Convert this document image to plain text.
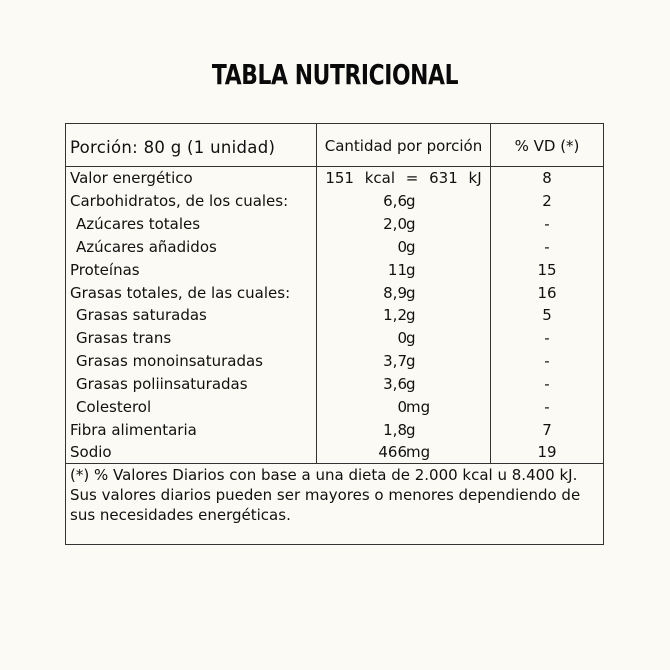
TABLA NUTRICIONAL
Porción: 80 g (1 unidad)	Cantidad por porción	% VD (*)
Valor energético	151 kcal = 631 kJ	8
Carbohidratos, de los cuales:	6,6 g	2
Azúcares totales	2,0 g	-
Azúcares añadidos	0 g	-
Proteínas	11 g	15
Grasas totales, de las cuales:	8,9 g	16
Grasas saturadas	1,2 g	5
Grasas trans	0 g	-
Grasas monoinsaturadas	3,7 g	-
Grasas poliinsaturadas	3,6 g	-
Colesterol	0 mg	-
Fibra alimentaria	1,8 g	7
Sodio	466 mg	19
(*) % Valores Diarios con base a una dieta de 2.000 kcal u 8.400 kJ. Sus valores diarios pueden ser mayores o menores dependiendo de sus necesidades energéticas.
